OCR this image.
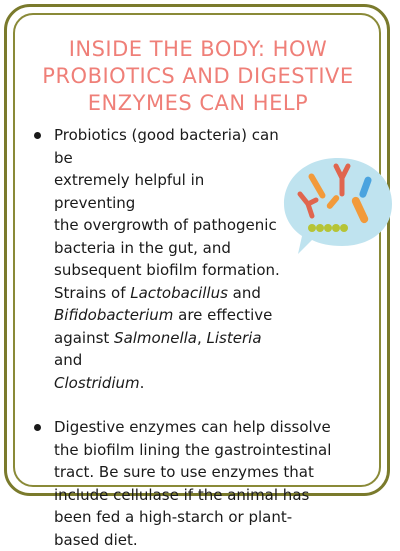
INSIDE THE BODY: HOW
PROBIOTICS AND DIGESTIVE
ENZYMES CAN HELP
Probiotics (good bacteria) can be
extremely helpful in preventing
the overgrowth of pathogenic
bacteria in the gut, and
subsequent biofilm formation.
Strains of Lactobacillus and
Bifidobacterium are effective
against Salmonella, Listeria and
Clostridium.
Digestive enzymes can help dissolve
the biofilm lining the gastrointestinal
tract. Be sure to use enzymes that
include cellulase if the animal has
been fed a high-starch or plant-
based diet.
